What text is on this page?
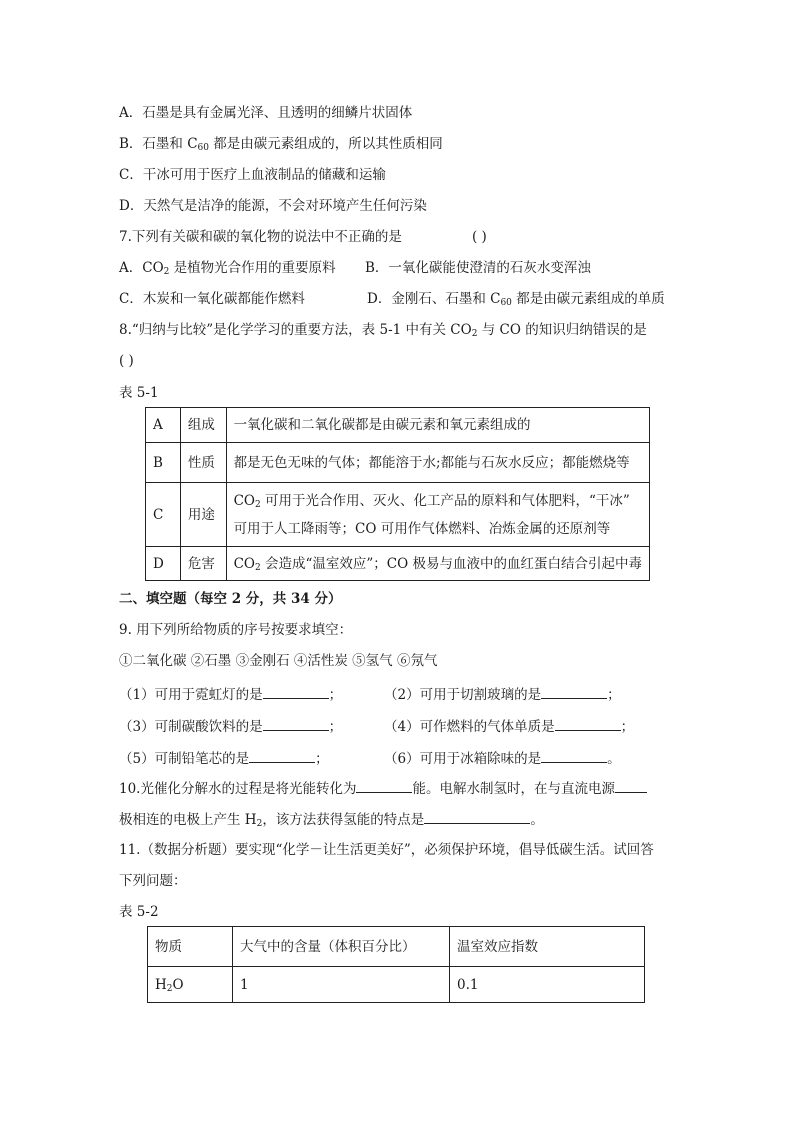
A．石墨是具有金属光泽、且透明的细鳞片状固体
B．石墨和 $C_{60}$ 都是由碳元素组成的，所以其性质相同
C．干冰可用于医疗上血液制品的储藏和运输
D．天然气是洁净的能源，不会对环境产生任何污染
7.下列有关碳和碳的氧化物的说法中不正确的是	( )
A．$CO_2$ 是植物光合作用的重要原料 B．一氧化碳能使澄清的石灰水变浑浊
C．木炭和一氧化碳都能作燃料	D．金刚石、石墨和 $C_{60}$ 都是由碳元素组成的单质
8.“归纳与比较”是化学学习的重要方法，表 5-1 中有关 $CO_2$ 与 CO 的知识归纳错误的是
( )
表 5-1
A	组成	一氧化碳和二氧化碳都是由碳元素和氧元素组成的
B	性质	都是无色无味的气体；都能溶于水;都能与石灰水反应；都能燃烧等
C	用途	$CO_2$ 可用于光合作用、灭火、化工产品的原料和气体肥料，“干冰”
可用于人工降雨等；CO 可用作气体燃料、冶炼金属的还原剂等
D	危害	$CO_2$ 会造成“温室效应”；CO 极易与血液中的血红蛋白结合引起中毒
二、填空题（每空 2 分，共 34 分）
9. 用下列所给物质的序号按要求填空：
①二氧化碳 ②石墨 ③金刚石 ④活性炭 ⑤氢气 ⑥氖气
（1）可用于霓虹灯的是	；	（2）可用于切割玻璃的是	；
（3）可制碳酸饮料的是	；	（4）可作燃料的气体单质是	；
（5）可制铅笔芯的是	；	（6）可用于冰箱除味的是	。
10.光催化分解水的过程是将光能转化为	能。电解水制氢时，在与直流电源
极相连的电极上产生 $H_2$，该方法获得氢能的特点是	。
11.（数据分析题）要实现“化学－让生活更美好”，必须保护环境，倡导低碳生活。试回答
下列问题：
表 5-2
物质	大气中的含量（体积百分比）	温室效应指数
$H_2O$	1	0.1
